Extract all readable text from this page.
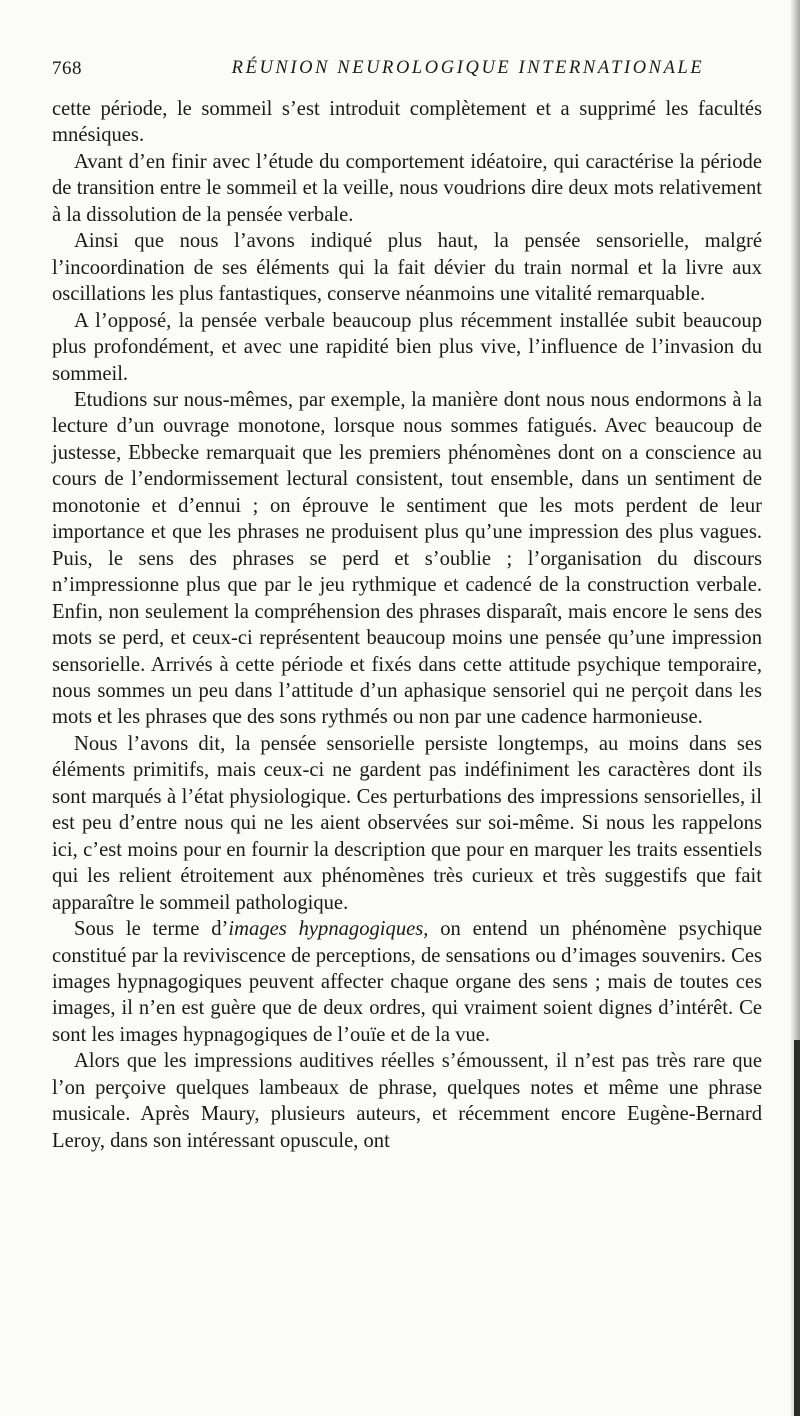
768	RÉUNION NEUROLOGIQUE INTERNATIONALE

cette période, le sommeil s’est introduit complètement et a supprimé les facultés mnésiques.

Avant d’en finir avec l’étude du comportement idéatoire, qui caractérise la période de transition entre le sommeil et la veille, nous voudrions dire deux mots relativement à la dissolution de la pensée verbale.

Ainsi que nous l’avons indiqué plus haut, la pensée sensorielle, malgré l’incoordination de ses éléments qui la fait dévier du train normal et la livre aux oscillations les plus fantastiques, conserve néanmoins une vitalité remarquable.

A l’opposé, la pensée verbale beaucoup plus récemment installée subit beaucoup plus profondément, et avec une rapidité bien plus vive, l’influence de l’invasion du sommeil.

Etudions sur nous-mêmes, par exemple, la manière dont nous nous endormons à la lecture d’un ouvrage monotone, lorsque nous sommes fatigués. Avec beaucoup de justesse, Ebbecke remarquait que les premiers phénomènes dont on a conscience au cours de l’endormissement lectural consistent, tout ensemble, dans un sentiment de monotonie et d’ennui ; on éprouve le sentiment que les mots perdent de leur importance et que les phrases ne produisent plus qu’une impression des plus vagues. Puis, le sens des phrases se perd et s’oublie ; l’organisation du discours n’impressionne plus que par le jeu rythmique et cadencé de la construction verbale. Enfin, non seulement la compréhension des phrases disparaît, mais encore le sens des mots se perd, et ceux-ci représentent beaucoup moins une pensée qu’une impression sensorielle. Arrivés à cette période et fixés dans cette attitude psychique temporaire, nous sommes un peu dans l’attitude d’un aphasique sensoriel qui ne perçoit dans les mots et les phrases que des sons rythmés ou non par une cadence harmonieuse.

Nous l’avons dit, la pensée sensorielle persiste longtemps, au moins dans ses éléments primitifs, mais ceux-ci ne gardent pas indéfiniment les caractères dont ils sont marqués à l’état physiologique. Ces perturbations des impressions sensorielles, il est peu d’entre nous qui ne les aient observées sur soi-même. Si nous les rappelons ici, c’est moins pour en fournir la description que pour en marquer les traits essentiels qui les relient étroitement aux phénomènes très curieux et très suggestifs que fait apparaître le sommeil pathologique.

Sous le terme d’images hypnagogiques, on entend un phénomène psychique constitué par la reviviscence de perceptions, de sensations ou d’images souvenirs. Ces images hypnagogiques peuvent affecter chaque organe des sens ; mais de toutes ces images, il n’en est guère que de deux ordres, qui vraiment soient dignes d’intérêt. Ce sont les images hypnagogiques de l’ouïe et de la vue.

Alors que les impressions auditives réelles s’émoussent, il n’est pas très rare que l’on perçoive quelques lambeaux de phrase, quelques notes et même une phrase musicale. Après Maury, plusieurs auteurs, et récemment encore Eugène-Bernard Leroy, dans son intéressant opuscule, ont
